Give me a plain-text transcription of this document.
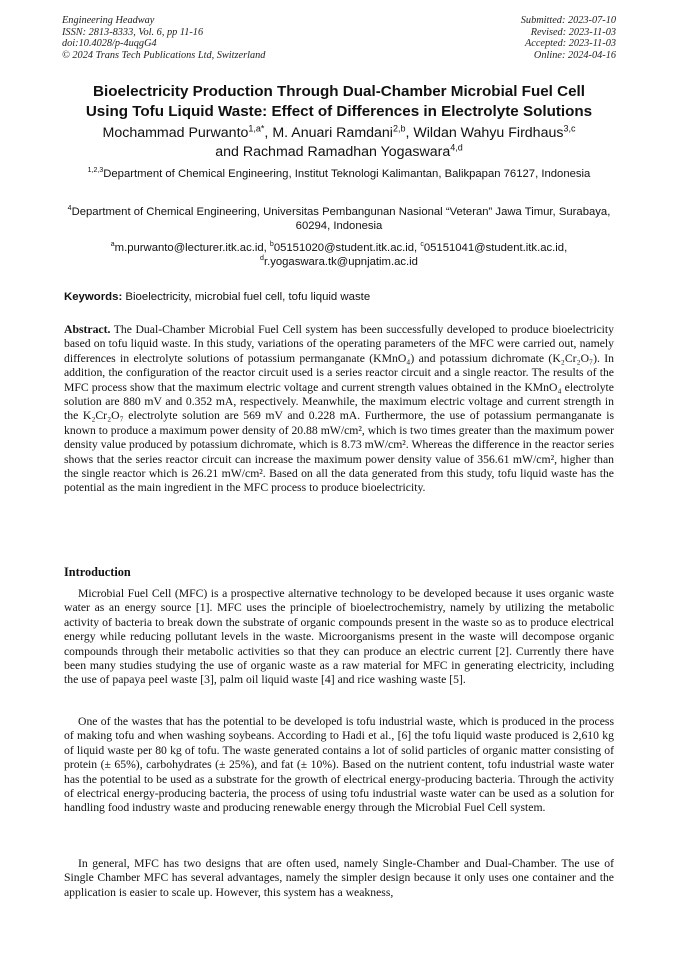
Engineering Headway
ISSN: 2813-8333, Vol. 6, pp 11-16
doi:10.4028/p-4uqgG4
© 2024 Trans Tech Publications Ltd, Switzerland
Submitted: 2023-07-10
Revised: 2023-11-03
Accepted: 2023-11-03
Online: 2024-04-16
Bioelectricity Production Through Dual-Chamber Microbial Fuel Cell
Using Tofu Liquid Waste: Effect of Differences in Electrolyte Solutions
Mochammad Purwanto$^{1,a*}$, M. Anuari Ramdani$^{2,b}$, Wildan Wahyu Firdhaus$^{3,c}$
and Rachmad Ramadhan Yogaswara$^{4,d}$
$^{1,2,3}$Department of Chemical Engineering, Institut Teknologi Kalimantan, Balikpapan 76127, Indonesia
$^4$Department of Chemical Engineering, Universitas Pembangunan Nasional “Veteran” Jawa Timur, Surabaya, 60294, Indonesia
$^a$m.purwanto@lecturer.itk.ac.id, $^b$05151020@student.itk.ac.id, $^c$05151041@student.itk.ac.id,
$^d$r.yogaswara.tk@upnjatim.ac.id
Keywords: Bioelectricity, microbial fuel cell, tofu liquid waste
Abstract. The Dual-Chamber Microbial Fuel Cell system has been successfully developed to produce bioelectricity based on tofu liquid waste. In this study, variations of the operating parameters of the MFC were carried out, namely differences in electrolyte solutions of potassium permanganate (KMnO₄) and potassium dichromate (K₂Cr₂O₇). In addition, the configuration of the reactor circuit used is a series reactor circuit and a single reactor. The results of the MFC process show that the maximum electric voltage and current strength values obtained in the KMnO₄ electrolyte solution are 880 mV and 0.352 mA, respectively. Meanwhile, the maximum electric voltage and current strength in the K₂Cr₂O₇ electrolyte solution are 569 mV and 0.228 mA. Furthermore, the use of potassium permanganate is known to produce a maximum power density of 20.88 mW/cm², which is two times greater than the maximum power density value produced by potassium dichromate, which is 8.73 mW/cm². Whereas the difference in the reactor series shows that the series reactor circuit can increase the maximum power density value of 356.61 mW/cm², higher than the single reactor which is 26.21 mW/cm². Based on all the data generated from this study, tofu liquid waste has the potential as the main ingredient in the MFC process to produce bioelectricity.
Introduction
Microbial Fuel Cell (MFC) is a prospective alternative technology to be developed because it uses organic waste water as an energy source [1]. MFC uses the principle of bioelectrochemistry, namely by utilizing the metabolic activity of bacteria to break down the substrate of organic compounds present in the waste so as to produce electrical energy while reducing pollutant levels in the waste. Microorganisms present in the waste will decompose organic compounds through their metabolic activities so that they can produce an electric current [2]. Currently there have been many studies studying the use of organic waste as a raw material for MFC in generating electricity, including the use of papaya peel waste [3], palm oil liquid waste [4] and rice washing waste [5].
One of the wastes that has the potential to be developed is tofu industrial waste, which is produced in the process of making tofu and when washing soybeans. According to Hadi et al., [6] the tofu liquid waste produced is 2,610 kg of liquid waste per 80 kg of tofu. The waste generated contains a lot of solid particles of organic matter consisting of protein (± 65%), carbohydrates (± 25%), and fat (± 10%). Based on the nutrient content, tofu industrial waste water has the potential to be used as a substrate for the growth of electrical energy-producing bacteria. Through the activity of electrical energy-producing bacteria, the process of using tofu industrial waste water can be used as a solution for handling food industry waste and producing renewable energy through the Microbial Fuel Cell system.
In general, MFC has two designs that are often used, namely Single-Chamber and Dual-Chamber. The use of Single Chamber MFC has several advantages, namely the simpler design because it only uses one container and the application is easier to scale up. However, this system has a weakness,
